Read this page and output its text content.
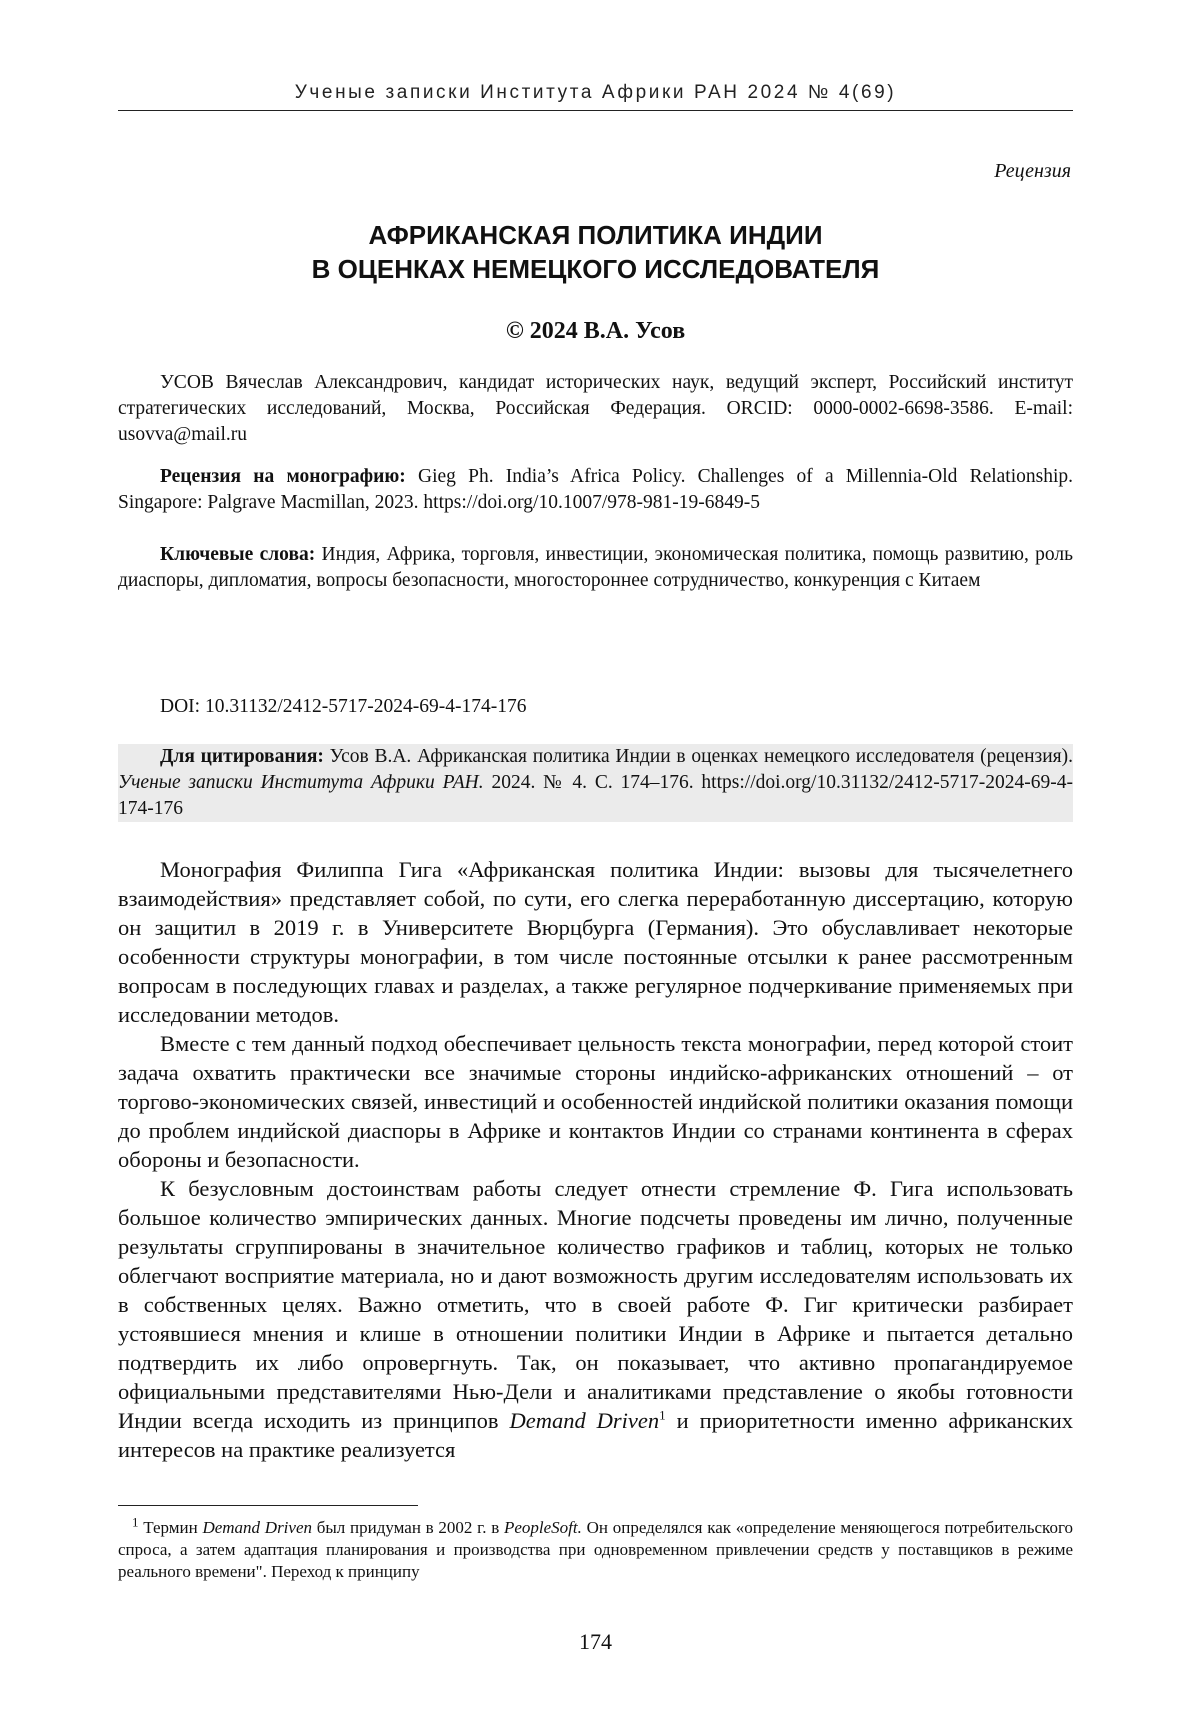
Ученые записки Института Африки РАН 2024 № 4(69)
Рецензия
АФРИКАНСКАЯ ПОЛИТИКА ИНДИИ
В ОЦЕНКАХ НЕМЕЦКОГО ИССЛЕДОВАТЕЛЯ
© 2024 В.А. Усов

УСОВ Вячеслав Александрович, кандидат исторических наук, ведущий эксперт, Российский институт стратегических исследований, Москва, Российская Федерация. ORCID: 0000-0002-6698-3586. E-mail: usovva@mail.ru

Рецензия на монографию: Gieg Ph. India’s Africa Policy. Challenges of a Millennia-Old Relationship. Singapore: Palgrave Macmillan, 2023. https://doi.org/10.1007/978-981-19-6849-5

Ключевые слова: Индия, Африка, торговля, инвестиции, экономическая политика, помощь развитию, роль диаспоры, дипломатия, вопросы безопасности, многостороннее сотрудничество, конкуренция с Китаем

DOI: 10.31132/2412-5717-2024-69-4-174-176

Для цитирования: Усов В.А. Африканская политика Индии в оценках немецкого исследователя (рецензия). Ученые записки Института Африки РАН. 2024. № 4. С. 174–176. https://doi.org/10.31132/2412-5717-2024-69-4-174-176

Монография Филиппа Гига «Африканская политика Индии: вызовы для тысячелетнего взаимодействия» представляет собой, по сути, его слегка переработанную диссертацию, которую он защитил в 2019 г. в Университете Вюрцбурга (Германия). Это обуславливает некоторые особенности структуры монографии, в том числе постоянные отсылки к ранее рассмотренным вопросам в последующих главах и разделах, а также регулярное подчеркивание применяемых при исследовании методов.

Вместе с тем данный подход обеспечивает цельность текста монографии, перед которой стоит задача охватить практически все значимые стороны индийско-африканских отношений – от торгово-экономических связей, инвестиций и особенностей индийской политики оказания помощи до проблем индийской диаспоры в Африке и контактов Индии со странами континента в сферах обороны и безопасности.

К безусловным достоинствам работы следует отнести стремление Ф. Гига использовать большое количество эмпирических данных. Многие подсчеты проведены им лично, полученные результаты сгруппированы в значительное количество графиков и таблиц, которых не только облегчают восприятие материала, но и дают возможность другим исследователям использовать их в собственных целях. Важно отметить, что в своей работе Ф. Гиг критически разбирает устоявшиеся мнения и клише в отношении политики Индии в Африке и пытается детально подтвердить их либо опровергнуть. Так, он показывает, что активно пропагандируемое официальными представителями Нью-Дели и аналитиками представление о якобы готовности Индии всегда исходить из принципов Demand Driven$^1$ и приоритетности именно африканских интересов на практике реализуется

$^1$ Термин Demand Driven был придуман в 2002 г. в PeopleSoft. Он определялся как «определение меняющегося потребительского спроса, а затем адаптация планирования и производства при одновременном привлечении средств у поставщиков в режиме реального времени". Переход к принципу
174
